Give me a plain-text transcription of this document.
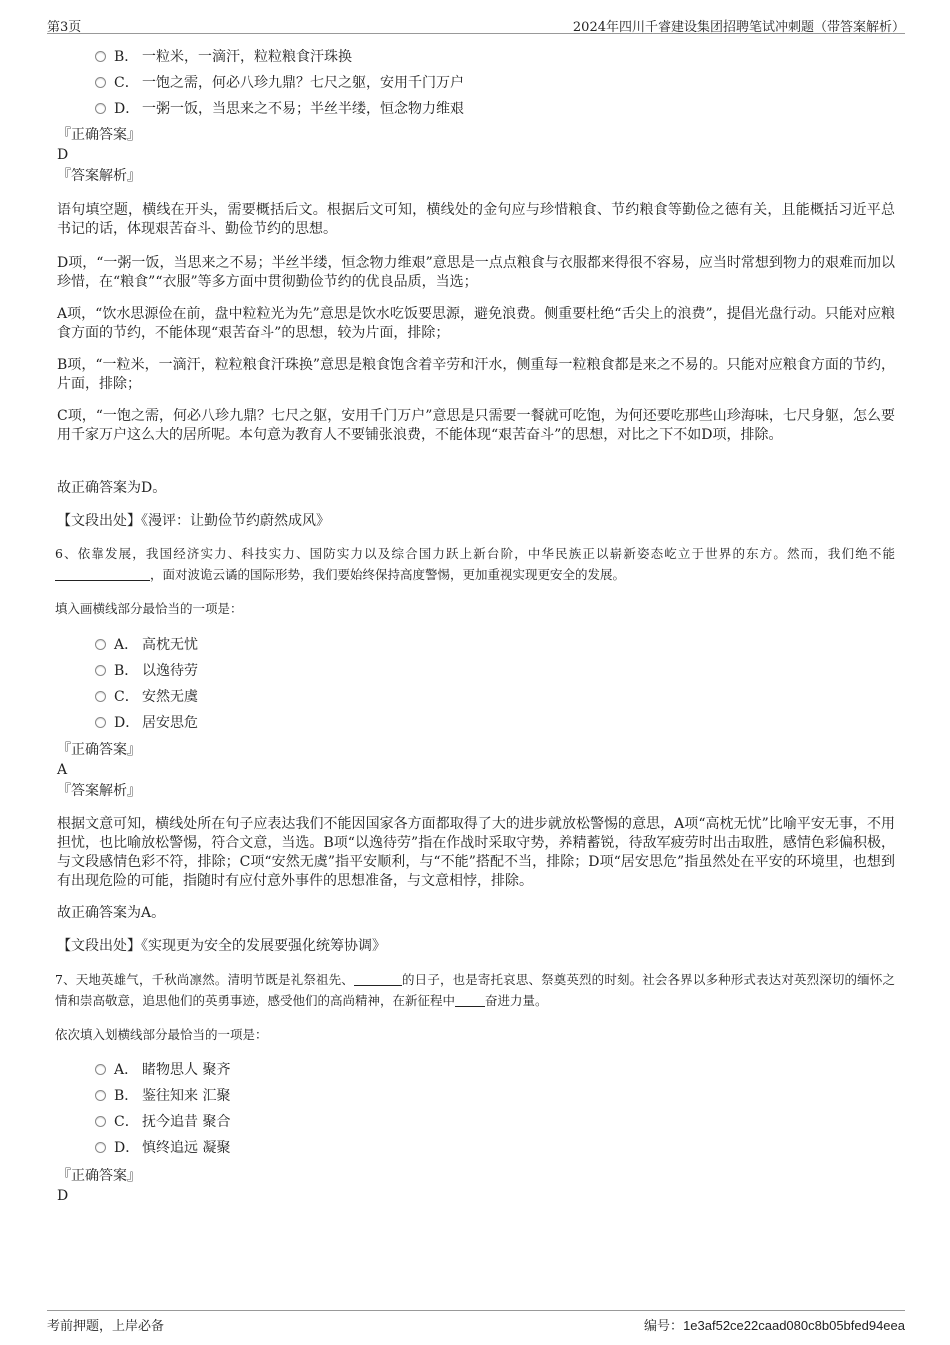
第3页	2024年四川千睿建设集团招聘笔试冲刺题（带答案解析）
B． 一粒米，一滴汗，粒粒粮食汗珠换
C． 一饱之需，何必八珍九鼎？七尺之躯，安用千门万户
D． 一粥一饭，当思来之不易；半丝半缕，恒念物力维艰
『正确答案』
D
『答案解析』
语句填空题，横线在开头，需要概括后文。根据后文可知，横线处的金句应与珍惜粮食、节约粮食等勤俭之德有关，且能概括习近平总书记的话，体现艰苦奋斗、勤俭节约的思想。
D项，“一粥一饭，当思来之不易；半丝半缕，恒念物力维艰”意思是一点点粮食与衣服都来得很不容易，应当时常想到物力的艰难而加以珍惜，在“粮食”“衣服”等多方面中贯彻勤俭节约的优良品质，当选；
A项，“饮水思源俭在前，盘中粒粒光为先”意思是饮水吃饭要思源，避免浪费。侧重要杜绝“舌尖上的浪费”，提倡光盘行动。只能对应粮食方面的节约，不能体现“艰苦奋斗”的思想，较为片面，排除；
B项，“一粒米，一滴汗，粒粒粮食汗珠换”意思是粮食饱含着辛劳和汗水，侧重每一粒粮食都是来之不易的。只能对应粮食方面的节约，片面，排除；
C项，“一饱之需，何必八珍九鼎？七尺之躯，安用千门万户”意思是只需要一餐就可吃饱，为何还要吃那些山珍海味，七尺身躯，怎么要用千家万户这么大的居所呢。本句意为教育人不要铺张浪费，不能体现“艰苦奋斗”的思想，对比之下不如D项，排除。
故正确答案为D。
【文段出处】《漫评：让勤俭节约蔚然成风》
6、依靠发展，我国经济实力、科技实力、国防实力以及综合国力跃上新台阶，中华民族正以崭新姿态屹立于世界的东方。然而，我们绝不能，面对波诡云谲的国际形势，我们要始终保持高度警惕，更加重视实现更安全的发展。
填入画横线部分最恰当的一项是：
A． 高枕无忧
B． 以逸待劳
C． 安然无虞
D． 居安思危
『正确答案』
A
『答案解析』
根据文意可知，横线处所在句子应表达我们不能因国家各方面都取得了大的进步就放松警惕的意思，A项“高枕无忧”比喻平安无事，不用担忧，也比喻放松警惕，符合文意，当选。B项“以逸待劳”指在作战时采取守势，养精蓄锐，待敌军疲劳时出击取胜，感情色彩偏积极，与文段感情色彩不符，排除；C项“安然无虞”指平安顺利，与“不能”搭配不当，排除；D项“居安思危”指虽然处在平安的环境里，也想到有出现危险的可能，指随时有应付意外事件的思想准备，与文意相悖，排除。
故正确答案为A。
【文段出处】《实现更为安全的发展要强化统筹协调》
7、天地英雄气，千秋尚凛然。清明节既是礼祭祖先、	的日子，也是寄托哀思、祭奠英烈的时刻。社会各界以多种形式表达对英烈深切的缅怀之情和崇高敬意，追思他们的英勇事迹，感受他们的高尚精神，在新征程中 奋进力量。
依次填入划横线部分最恰当的一项是：
A． 睹物思人 聚齐
B． 鉴往知来 汇聚
C． 抚今追昔 聚合
D． 慎终追远 凝聚
『正确答案』
D
考前押题，上岸必备	编号：1e3af52ce22caad080c8b05bfed94eea
